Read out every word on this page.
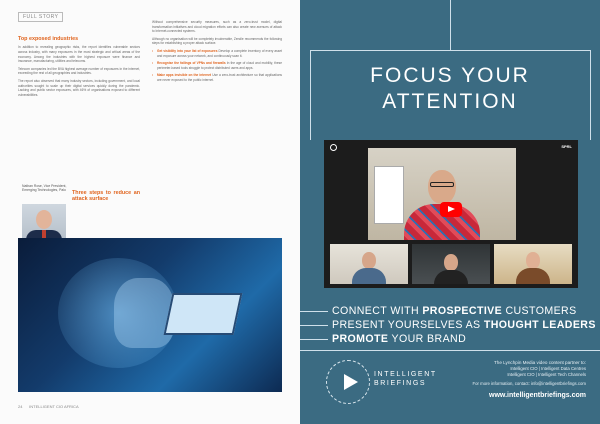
FULL STORY
Top exposed industries

In addition to revealing geographic risks, the report identifies vulnerable sectors across industry, with many exposures in the most strategic and critical areas of the economy. Among the industries with the highest exposure were finance and insurance, manufacturing, utilities and telecoms.

Telecom companies led the BVA highest average number of exposures in the internet, exceeding the rest of all geographies and industries.

The report also observed that many industry sectors, including government, and local authorities sought to scale up their digital services quickly during the pandemic. Lacking and public sector exposures, with 46% of organisations exposed to different vulnerabilities.

Nathan Rose, Vice President, Emerging Technologies, Palo	Three steps to reduce an attack surface

Without comprehensive security measures, such as a zero-trust model, digital transformation initiatives and cloud migration efforts can also create new avenues of attack to Internet-connected systems.

Although no organisation will be completely invulnerable, Zendle recommends the following steps for establishing a proper attack surface.

• Get visibility into your list of exposures Develop a complete inventory of every asset and exposure across your network, and continuously scan it.
• Recognise the failings of VPNs and firewalls In the age of cloud and mobility, these perimeter-based tools struggle to protect distributed users and apps.
• Make apps invisible on the internet Use a zero-trust architecture so that applications are never exposed to the public internet.
24 INTELLIGENT CIO AFRICA
FOCUS YOUR
ATTENTION
SPRL
CONNECT WITH PROSPECTIVE CUSTOMERS
PRESENT YOURSELVES AS THOUGHT LEADERS
PROMOTE YOUR BRAND
INTELLIGENT
BRIEFINGS
The Lynchpin Media video content partner to:
Intelligent CIO | Intelligent Data Centres
Intelligent CIO | Intelligent Tech Channels
For more information, contact: info@intelligentbriefings.com
www.intelligentbriefings.com
